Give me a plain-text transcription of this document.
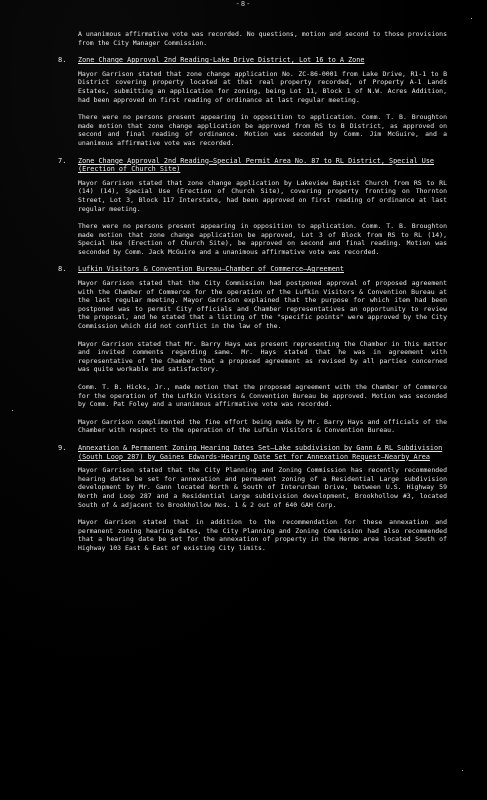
-8-

A unanimous affirmative vote was recorded. No questions, motion and second to those provisions from the City Manager Commission.

8.	Zone Change Approval 2nd Reading-Lake Drive District, Lot 16 to A Zone

Mayor Garrison stated that zone change application No. ZC-86-0001 from Lake Drive, R1-1 to B District covering property located at that real property recorded, of Property A-1 Lands Estates, submitting an application for zoning, being Lot 11, Block 1 of N.W. Acres Addition, had been approved on first reading of ordinance at last regular meeting.

There were no persons present appearing in opposition to application. Comm. T. B. Broughton made motion that zone change application be approved from RS to B District, as approved on second and final reading of ordinance. Motion was seconded by Comm. Jim McGuire, and a unanimous affirmative vote was recorded.

7.	Zone Change Approval 2nd Reading—Special Permit Area No. 87 to RL District, Special Use (Erection of Church Site)

Mayor Garrison stated that zone change application by Lakeview Baptist Church from RS to RL (14) (14), Special Use (Erection of Church Site), covering property fronting on Thornton Street, Lot 3, Block 117 Interstate, had been approved on first reading of ordinance at last regular meeting.

There were no persons present appearing in opposition to application. Comm. T. B. Broughton made motion that zone change application be approved, Lot 3 of Block from RS to RL (14), Special Use (Erection of Church Site), be approved on second and final reading. Motion was seconded by Comm. Jack McGuire and a unanimous affirmative vote was recorded.

8.	Lufkin Visitors & Convention Bureau—Chamber of Commerce—Agreement

Mayor Garrison stated that the City Commission had postponed approval of proposed agreement with the Chamber of Commerce for the operation of the Lufkin Visitors & Convention Bureau at the last regular meeting. Mayor Garrison explained that the purpose for which item had been postponed was to permit City officials and Chamber representatives an opportunity to review the proposal, and he stated that a listing of the "specific points" were approved by the City Commission which did not conflict in the law of the.

Mayor Garrison stated that Mr. Barry Hays was present representing the Chamber in this matter and invited comments regarding same. Mr. Hays stated that he was in agreement with representative of the Chamber that a proposed agreement as revised by all parties concerned was quite workable and satisfactory.

Comm. T. B. Hicks, Jr., made motion that the proposed agreement with the Chamber of Commerce for the operation of the Lufkin Visitors & Convention Bureau be approved. Motion was seconded by Comm. Pat Foley and a unanimous affirmative vote was recorded.

Mayor Garrison complimented the fine effort being made by Mr. Barry Hays and officials of the Chamber with respect to the operation of the Lufkin Visitors & Convention Bureau.

9.	Annexation & Permanent Zoning Hearing Dates Set—Lake subdivision by Gann & RL Subdivision (South Loop 287) by Gaines Edwards-Hearing Date Set for Annexation Request—Nearby Area

Mayor Garrison stated that the City Planning and Zoning Commission has recently recommended hearing dates be set for annexation and permanent zoning of a Residential Large subdivision development by Mr. Gann located North & South of Interurban Drive, between U.S. Highway 59 North and Loop 287 and a Residential Large subdivision development, Brookhollow #3, located South of & adjacent to Brookhollow Nos. 1 & 2 out of 640 GAH Corp.

Mayor Garrison stated that in addition to the recommendation for these annexation and permanent zoning hearing dates, the City Planning and Zoning Commission had also recommended that a hearing date be set for the annexation of property in the Hermo area located South of Highway 103 East & East of existing City limits.
